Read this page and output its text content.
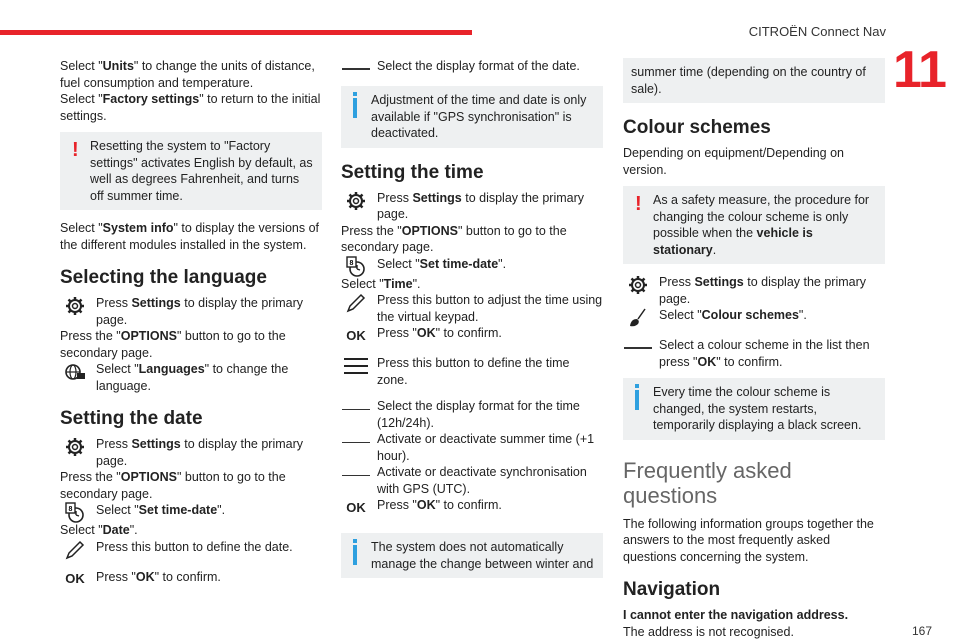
CITROËN Connect Nav
11

Select "Units" to change the units of distance, fuel consumption and temperature.

Select "Factory settings" to return to the initial settings.

! Resetting the system to "Factory settings" activates English by default, as well as degrees Fahrenheit, and turns off summer time.

Select "System info" to display the versions of the different modules installed in the system.

Selecting the language

Press Settings to display the primary page.

Press the "OPTIONS" button to go to the secondary page.

Select "Languages" to change the language.

Setting the date

Press Settings to display the primary page.

Press the "OPTIONS" button to go to the secondary page.

8 Select "Set time-date".

Select "Date".

Press this button to define the date.

OK Press "OK" to confirm.

Select the display format of the date.

Adjustment of the time and date is only available if "GPS synchronisation" is deactivated.

Setting the time

Press Settings to display the primary page.

Press the "OPTIONS" button to go to the secondary page.

8 Select "Set time-date".

Select "Time".

Press this button to adjust the time using the virtual keypad.

OK Press "OK" to confirm.

Press this button to define the time zone.

Select the display format for the time (12h/24h).

Activate or deactivate summer time (+1 hour).

Activate or deactivate synchronisation with GPS (UTC).

OK Press "OK" to confirm.

The system does not automatically manage the change between winter and

summer time (depending on the country of sale).

Colour schemes

Depending on equipment/Depending on version.

! As a safety measure, the procedure for changing the colour scheme is only possible when the vehicle is stationary.

Press Settings to display the primary page.

Select "Colour schemes".

Select a colour scheme in the list then press "OK" to confirm.

Every time the colour scheme is changed, the system restarts, temporarily displaying a black screen.

Frequently asked questions

The following information groups together the answers to the most frequently asked questions concerning the system.

Navigation

I cannot enter the navigation address.

The address is not recognised.	167
